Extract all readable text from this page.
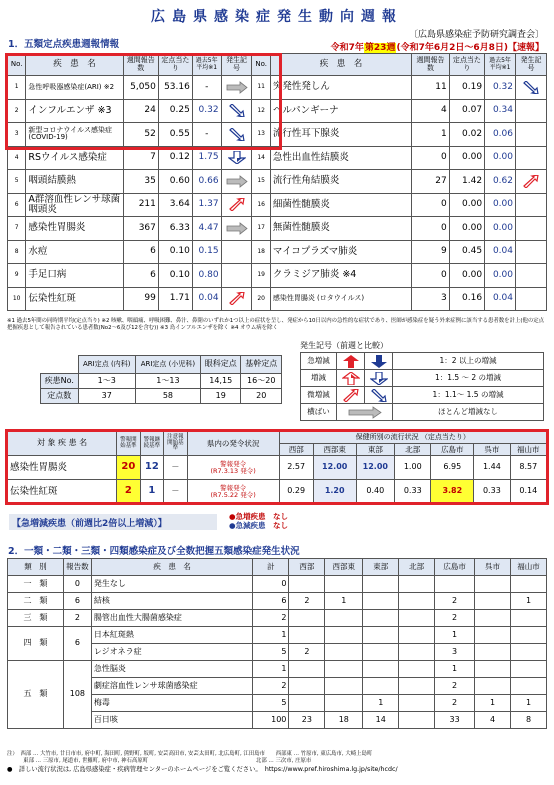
広島県感染症発生動向週報
〔広島県感染症予防研究調査会〕
1．五類定点疾患週報情報	令和7年第23週(令和7年6月2日～6月8日)【速報】
No.	疾　患　名	週間報告数	定点当たり	過去5年平均※1	発生記号	No.	疾　患　名	週間報告数	定点当たり	過去5年平均※1	発生記号
1	急性呼吸器感染症(ARI) ※2	5,050	53.16	-		11	突発性発しん	11	0.19	0.32	
2	インフルエンザ ※3	24	0.25	0.32		12	ヘルパンギーナ	4	0.07	0.34	
3	新型コロナウイルス感染症 (COVID-19)	52	0.55	-		13	流行性耳下腺炎	1	0.02	0.06	
4	RSウイルス感染症	7	0.12	1.75		14	急性出血性結膜炎	0	0.00	0.00	
5	咽頭結膜熱	35	0.60	0.66		15	流行性角結膜炎	27	1.42	0.62	
6	A群溶血性レンサ球菌咽頭炎	211	3.64	1.37		16	細菌性髄膜炎	0	0.00	0.00	
7	感染性胃腸炎	367	6.33	4.47		17	無菌性髄膜炎	0	0.00	0.00	
8	水痘	6	0.10	0.15		18	マイコプラズマ肺炎	9	0.45	0.04	
9	手足口病	6	0.10	0.80		19	クラミジア肺炎 ※4	0	0.00	0.00	
10	伝染性紅斑	99	1.71	0.04		20	感染性胃腸炎 (ロタウイルス)	3	0.16	0.04	
※1 過去5年間の同時期平均(定点当り) ※2 咳嗽、咽頭痛、呼吸困難、鼻汁、鼻閉のいずれか1つ以上の症状を呈し、発症から10日以内の急性的な症状であり、医師が感染症を疑う外来症例に該当する患者数を計上(他の定点把握疾患として報告されている患者数(No2～6及び12を含む)) ※3 鳥インフルエンザを除く ※4 オウム病を除く
	ARI定点 (内科)	ARI定点 (小児科)	眼科定点	基幹定点
疾患No.	1～3	1～13	14,15	16～20
定点数	37	58	19	20
発生記号（前週と比較）
急増減			1：2 以上の増減
増減			1：1.5 ～ 2 の増減
微増減			1：1.1～ 1.5 の増減
横ばい			ほとんど増減なし
対 象 疾 患 名	警報開始基準	警報継続基準	注意報開始基準	県内の発令状況	保健所別の流行状況 （定点当たり）						
					西部	西部東	東部	北部	広島市	呉市	福山市
感染性胃腸炎	20	12	－	警報発令
(R7.3.13 発令)	2.57	12.00	12.00	1.00	6.95	1.44	8.57
伝染性紅斑	2	1	－	警報発令
(R7.5.22 発令)	0.29	1.20	0.40	0.33	3.82	0.33	0.14
【急増減疾患（前週比2倍以上増減）】
●急増疾患　 なし
●急減疾患　 なし
2．一類・二類・三類・四類感染症及び全数把握五類感染症発生状況
類　別	報告数	疾　患　名	計	西部	西部東	東部	北部	広島市	呉市	福山市
一　類	0	発生なし	0							
二　類	6	結核	6	2	1			2		1
三　類	2	腸管出血性大腸菌感染症	2					2		
四　類	6	日本紅斑熱	1					1		
		レジオネラ症	5	2				3		
五　類	108	急性脳炎	1					1		
		劇症溶血性レンサ球菌感染症	2					2		
		梅毒	5			1		2	1	1
		百日咳	100	23	18	14		33	4	8
注）　西部 … 大竹市, 廿日市市, 府中町, 海田町, 熊野町, 坂町, 安芸高田市, 安芸太田町, 北広島町, 江田島市　　西部東 … 竹原市, 東広島市, 大崎上島町
　　　東部 … 三原市, 尾道市, 世羅町, 府中市, 神石高原町　　　　　　　　　　　　　　　　　　　　北部 … 三次市, 庄原市
●　詳しい流行状況は, 広島県感染症・疾病管理センターのホームページをご覧ください。　https://www.pref.hiroshima.lg.jp/site/hcdc/
